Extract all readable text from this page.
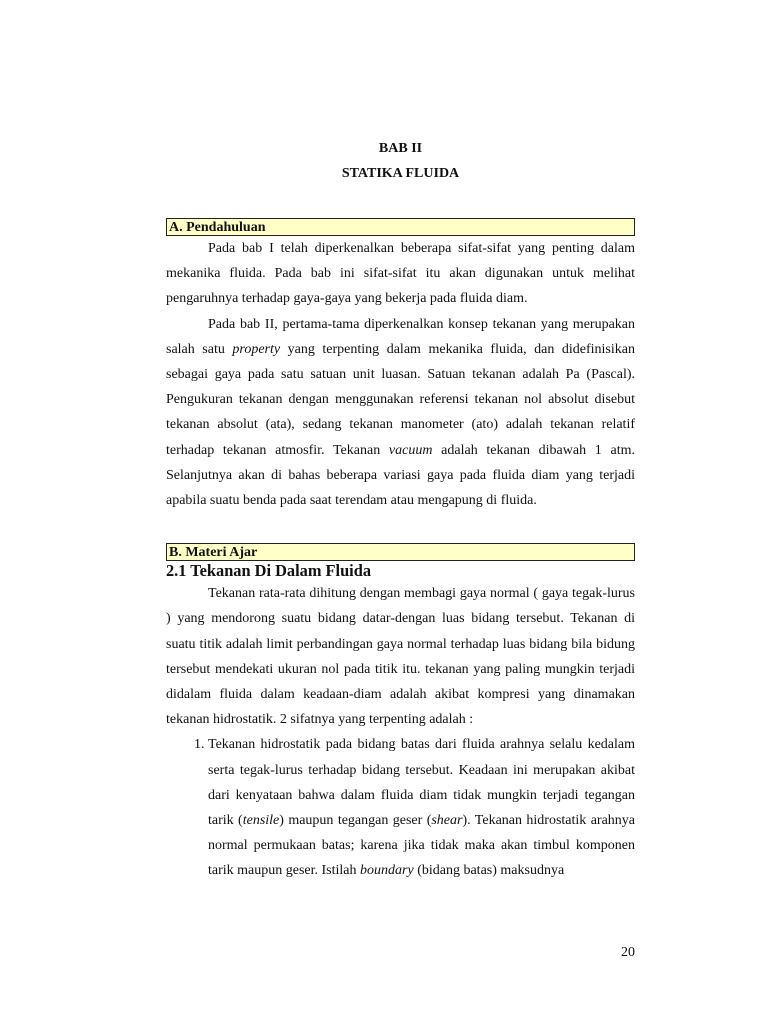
BAB II
STATIKA FLUIDA
A. Pendahuluan

Pada bab I telah diperkenalkan beberapa sifat-sifat yang penting dalam mekanika fluida. Pada bab ini sifat-sifat itu akan digunakan untuk melihat pengaruhnya terhadap gaya-gaya yang bekerja pada fluida diam.

Pada bab II, pertama-tama diperkenalkan konsep tekanan yang merupakan salah satu property yang terpenting dalam mekanika fluida, dan didefinisikan sebagai gaya pada satu satuan unit luasan. Satuan tekanan adalah Pa (Pascal). Pengukuran tekanan dengan menggunakan referensi tekanan nol absolut disebut tekanan absolut (ata), sedang tekanan manometer (ato) adalah tekanan relatif terhadap tekanan atmosfir. Tekanan vacuum adalah tekanan dibawah 1 atm. Selanjutnya akan di bahas beberapa variasi gaya pada fluida diam yang terjadi apabila suatu benda pada saat terendam atau mengapung di fluida.

B. Materi Ajar
2.1 Tekanan Di Dalam Fluida

Tekanan rata-rata dihitung dengan membagi gaya normal ( gaya tegak-lurus ) yang mendorong suatu bidang datar-dengan luas bidang tersebut. Tekanan di suatu titik adalah limit perbandingan gaya normal terhadap luas bidang bila bidung tersebut mendekati ukuran nol pada titik itu. tekanan yang paling mungkin terjadi didalam fluida dalam keadaan-diam adalah akibat kompresi yang dinamakan tekanan hidrostatik. 2 sifatnya yang terpenting adalah :

1. Tekanan hidrostatik pada bidang batas dari fluida arahnya selalu kedalam serta tegak-lurus terhadap bidang tersebut. Keadaan ini merupakan akibat dari kenyataan bahwa dalam fluida diam tidak mungkin terjadi tegangan tarik (tensile) maupun tegangan geser (shear). Tekanan hidrostatik arahnya normal permukaan batas; karena jika tidak maka akan timbul komponen tarik maupun geser. Istilah boundary (bidang batas) maksudnya
20
